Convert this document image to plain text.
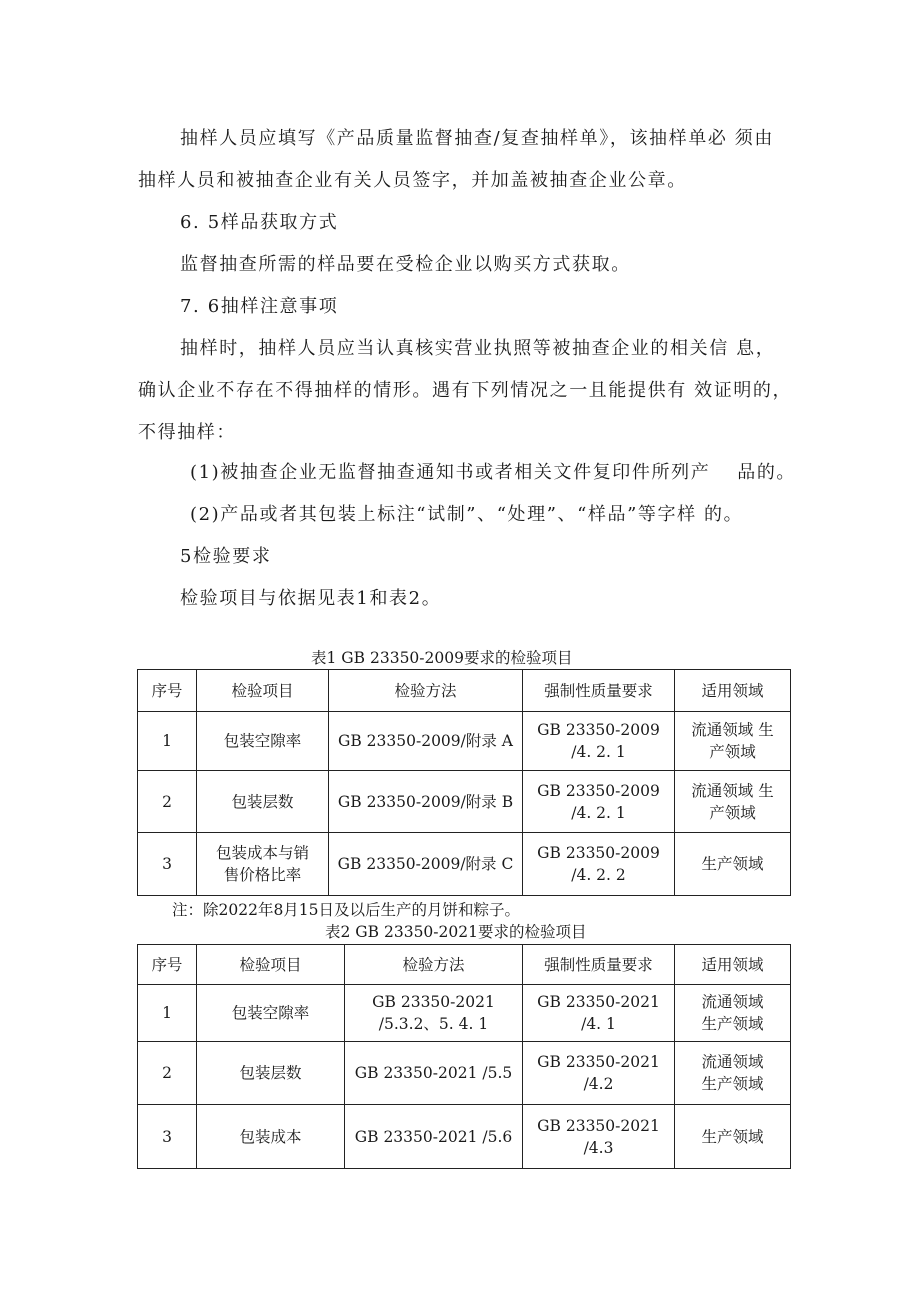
抽样人员应填写《产品质量监督抽查/复查抽样单》，该抽样单必 须由
抽样人员和被抽查企业有关人员签字，并加盖被抽查企业公章。
6. 5样品获取方式
监督抽查所需的样品要在受检企业以购买方式获取。
7. 6抽样注意事项
抽样时，抽样人员应当认真核实营业执照等被抽查企业的相关信 息，
确认企业不存在不得抽样的情形。遇有下列情况之一且能提供有 效证明的，
不得抽样：
(1)被抽查企业无监督抽查通知书或者相关文件复印件所列产　 品的。
(2)产品或者其包装上标注“试制”、“处理”、“样品”等字样 的。
5检验要求
检验项目与依据见表1和表2。
表1 GB 23350-2009要求的检验项目
序号	检验项目	检验方法	强制性质量要求	适用领域
1	包装空隙率	GB 23350-2009/附录 A	GB 23350-2009
/4. 2. 1	流通领域 生
产领域

2	包装层数	GB 23350-2009/附录 B	GB 23350-2009
/4. 2. 1	流通领域 生
产领域

3	包装成本与销
售价格比率	GB 23350-2009/附录 C	GB 23350-2009
/4. 2. 2	生产领域
注：除2022年8月15日及以后生产的月饼和粽子。
表2 GB 23350-2021要求的检验项目
序号	检验项目	检验方法	强制性质量要求	适用领域
1	包装空隙率	GB 23350-2021
/5.3.2、5. 4. 1	GB 23350-2021
/4. 1	流通领域
生产领域

2	包装层数	GB 23350-2021 /5.5	GB 23350-2021
/4.2	流通领域
生产领域

3	包装成本	GB 23350-2021 /5.6	GB 23350-2021
/4.3	生产领域
